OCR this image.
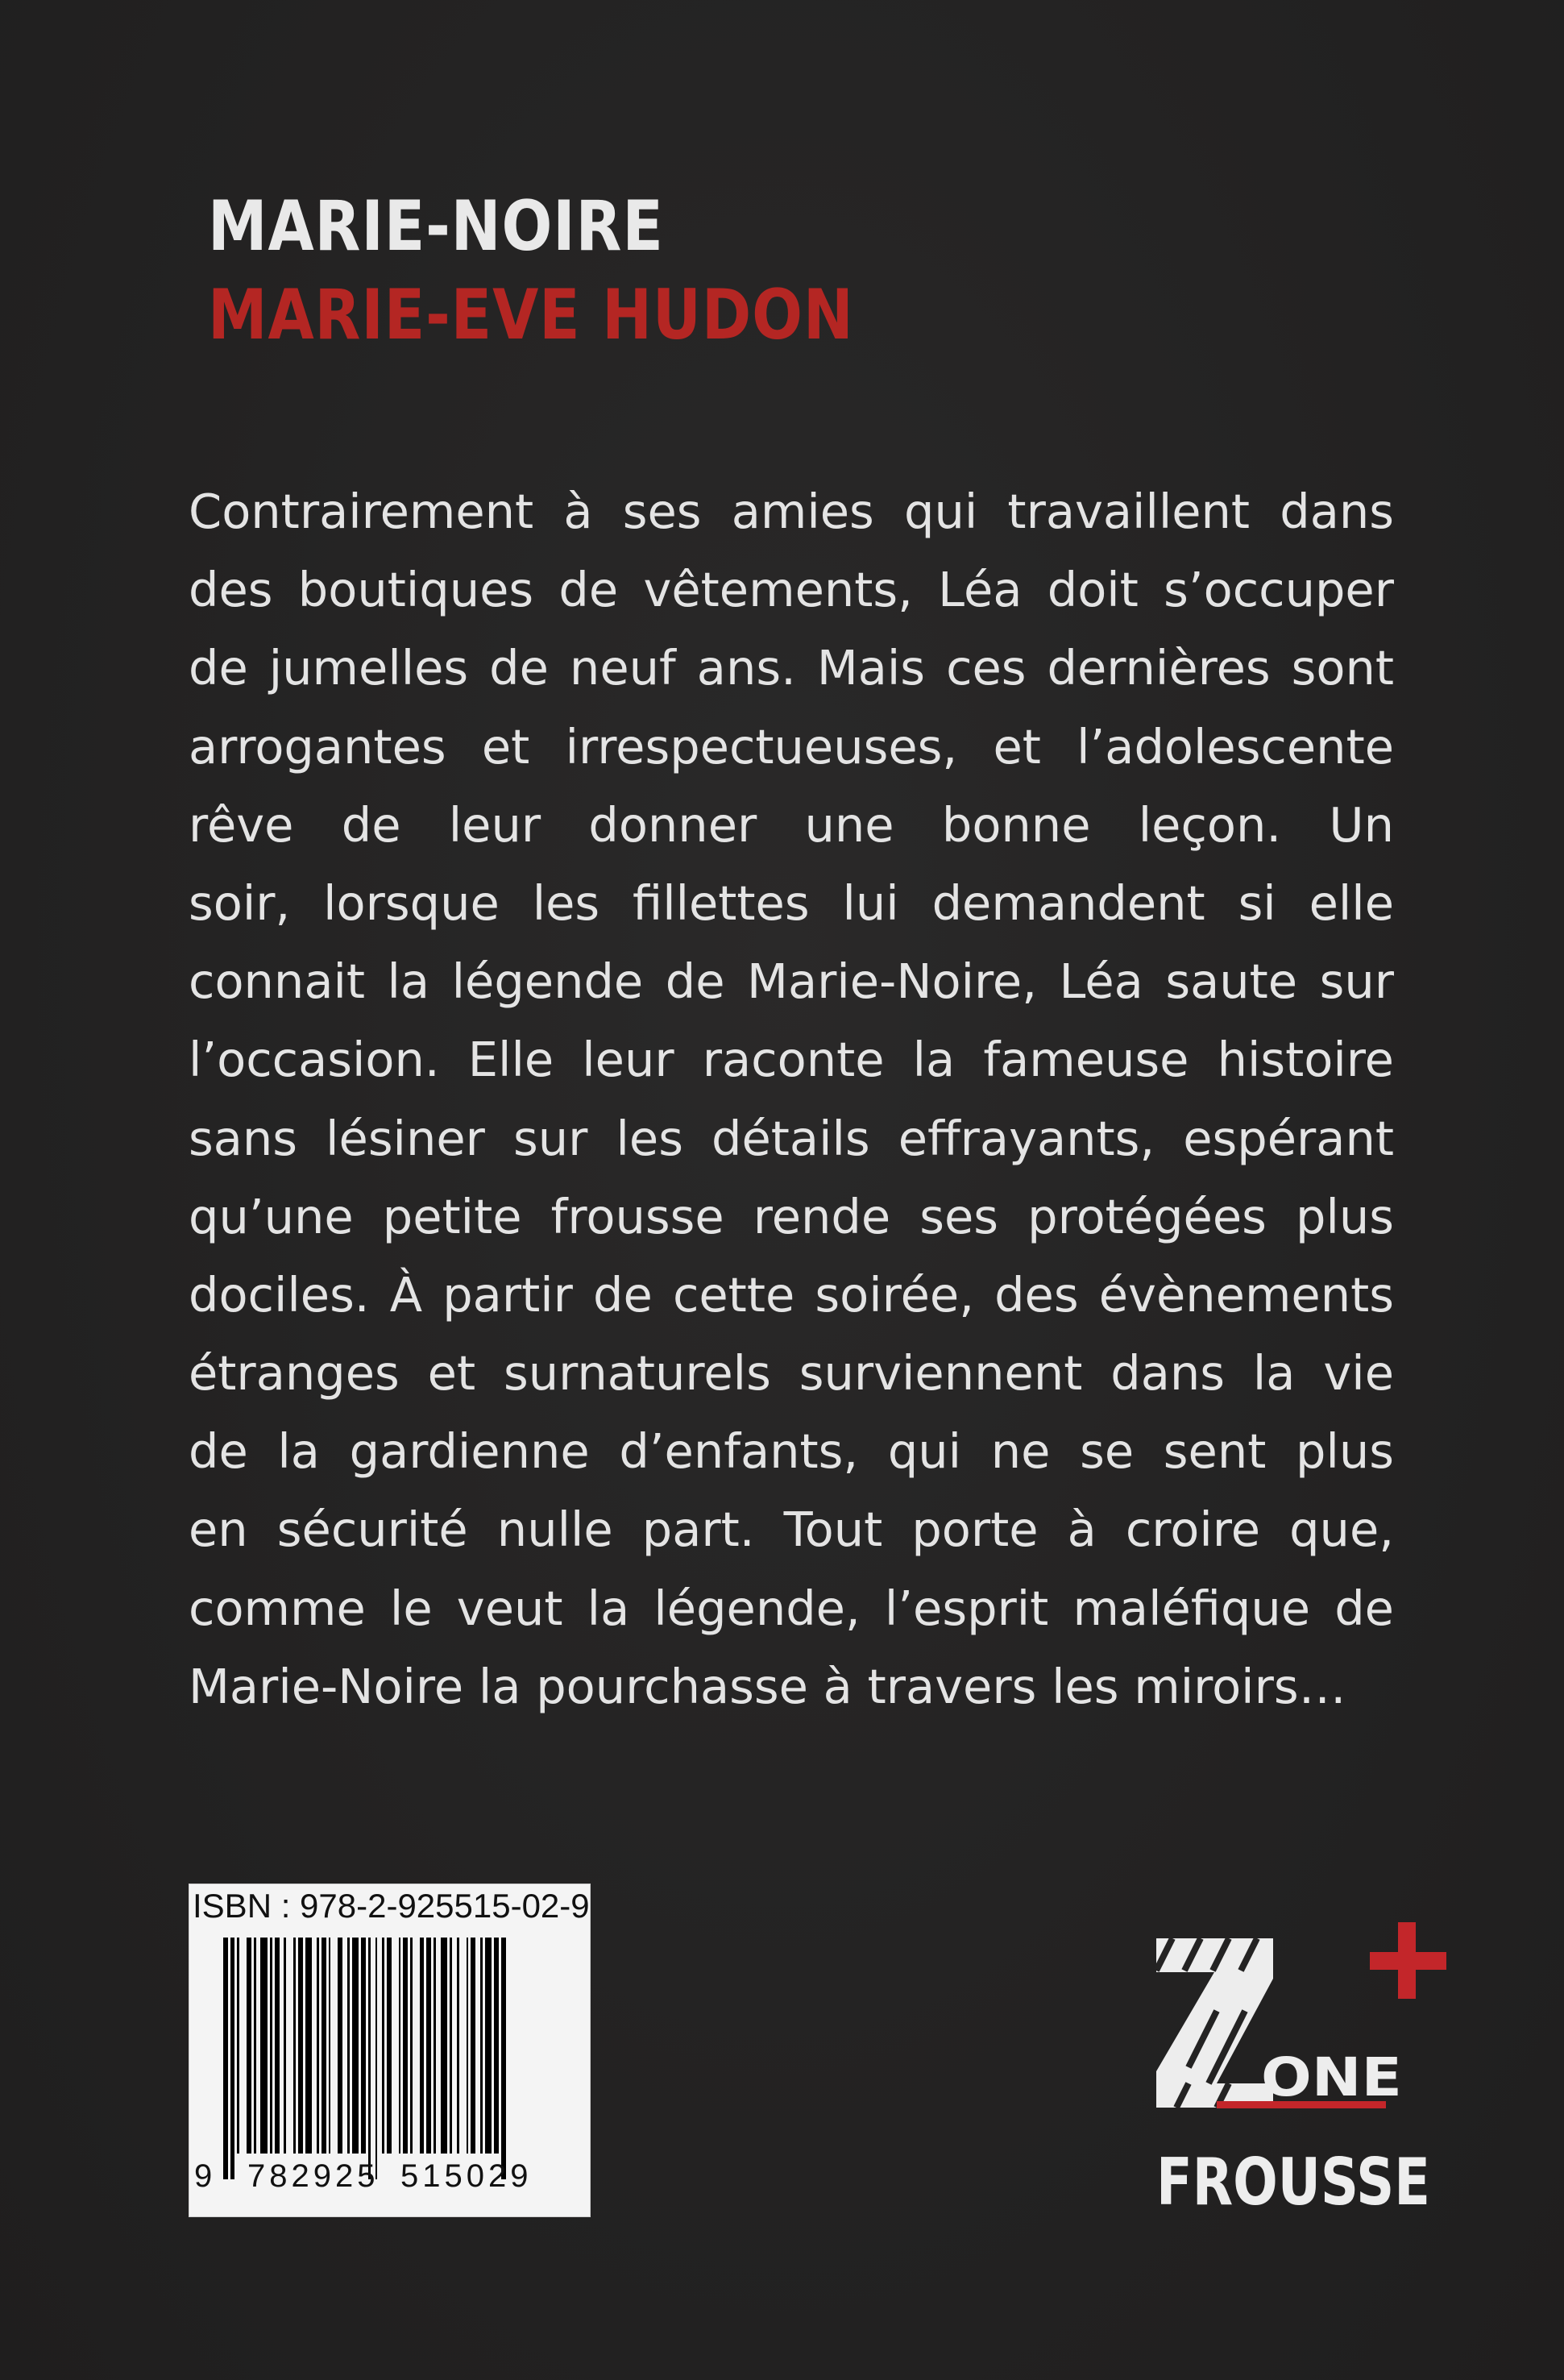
MARIE-NOIRE
MARIE-EVE HUDON
Contrairement à ses amies qui travaillent dans
des boutiques de vêtements, Léa doit s’occuper
de jumelles de neuf ans. Mais ces dernières sont
arrogantes et irrespectueuses, et l’adolescente
rêve de leur donner une bonne leçon. Un
soir, lorsque les fillettes lui demandent si elle
connait la légende de Marie-Noire, Léa saute sur
l’occasion. Elle leur raconte la fameuse histoire
sans lésiner sur les détails effrayants, espérant
qu’une petite frousse rende ses protégées plus
dociles. À partir de cette soirée, des évènements
étranges et surnaturels surviennent dans la vie
de la gardienne d’enfants, qui ne se sent plus
en sécurité nulle part. Tout porte à croire que,
comme le veut la légende, l’esprit maléfique de
Marie-Noire la pourchasse à travers les miroirs…
ISBN : 978-2-925515-02-9
9 782925 515029
ONE
FROUSSE
